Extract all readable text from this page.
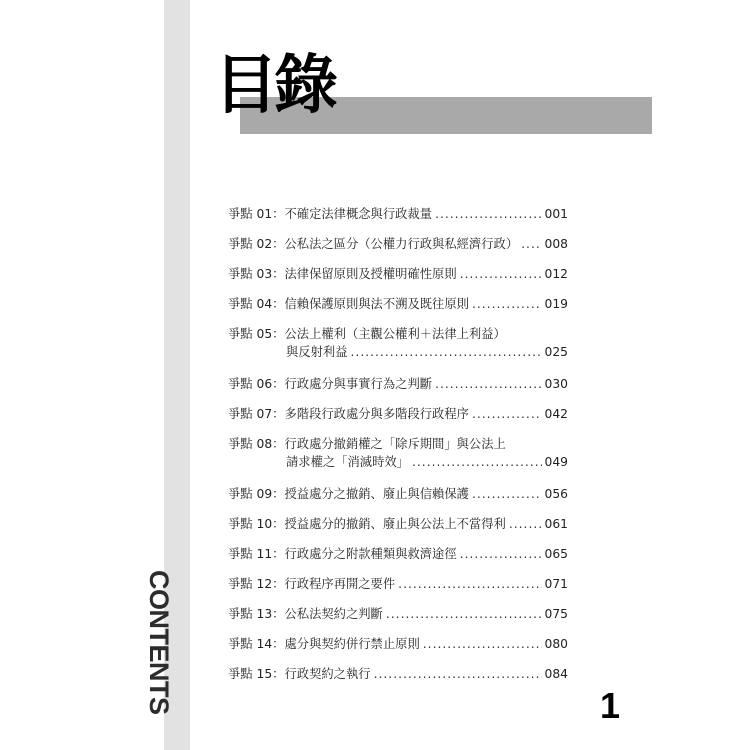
CONTENTS
目錄
爭點 01 ： 不確定法律概念與行政裁量 .....	001
爭點 02 ： 公私法之區分（公權力行政與私經濟行政） ..... 008
爭點 03 ： 法律保留原則及授權明確性原則 .....	012
爭點 04 ： 信賴保護原則與法不溯及既往原則 .....	019
爭點 05 ： 公法上權利（主觀公權利＋法律上利益）
與反射利益 .....	025
爭點 06 ： 行政處分與事實行為之判斷 .....	030
爭點 07 ： 多階段行政處分與多階段行政程序 .....	042
爭點 08 ： 行政處分撤銷權之「除斥期間」與公法上
請求權之「消滅時效」 .....	049
爭點 09 ： 授益處分之撤銷、廢止與信賴保護 .....	056
爭點 10 ： 授益處分的撤銷、廢止與公法上不當得利 .....	061
爭點 11 ： 行政處分之附款種類與救濟途徑 .....	065
爭點 12 ： 行政程序再開之要件 .....	071
爭點 13 ： 公私法契約之判斷 .....	075
爭點 14 ： 處分與契約併行禁止原則 .....	080
爭點 15 ： 行政契約之執行 .....	084
1
